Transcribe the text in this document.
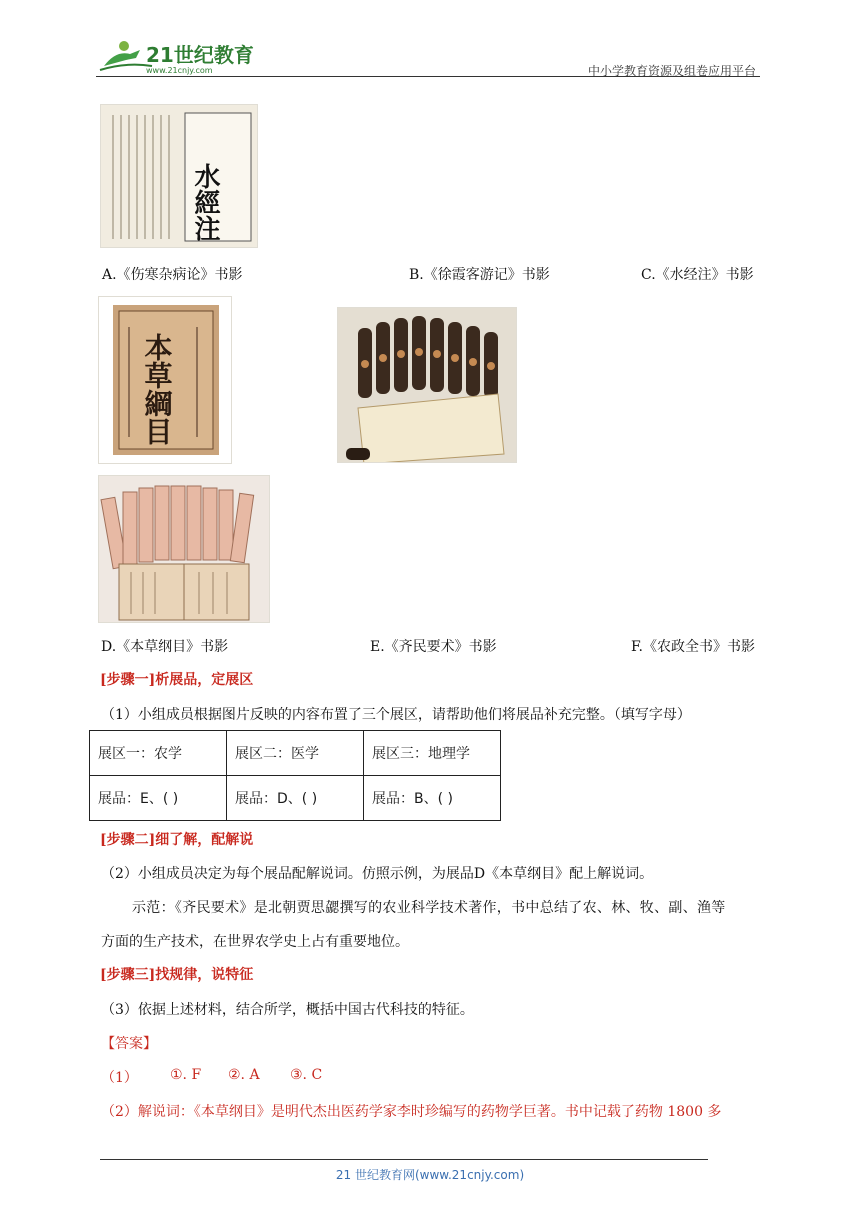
21世纪教育
www.21cnjy.com	中小学教育资源及组卷应用平台
水經注
A.《伤寒杂病论》书影	B.《徐霞客游记》书影	C.《水经注》书影
本草綱目
D.《本草纲目》书影	E.《齐民要术》书影	F.《农政全书》书影
[步骤一]析展品，定展区
（1）小组成员根据图片反映的内容布置了三个展区，请帮助他们将展品补充完整。（填写字母）
展区一：农学	展区二：医学	展区三：地理学
展品：E、( )	展品：D、( )	展品：B、( )
[步骤二]细了解，配解说
（2）小组成员决定为每个展品配解说词。仿照示例，为展品D《本草纲目》配上解说词。
示范：《齐民要术》是北朝贾思勰撰写的农业科学技术著作，书中总结了农、林、牧、副、渔等
方面的生产技术，在世界农学史上占有重要地位。
[步骤三]找规律，说特征
（3）依据上述材料，结合所学，概括中国古代科技的特征。
【答案】
（1） ①. F ②. A ③. C
（2）解说词：《本草纲目》是明代杰出医药学家李时珍编写的药物学巨著。书中记载了药物 1800 多
21 世纪教育网(www.21cnjy.com)
